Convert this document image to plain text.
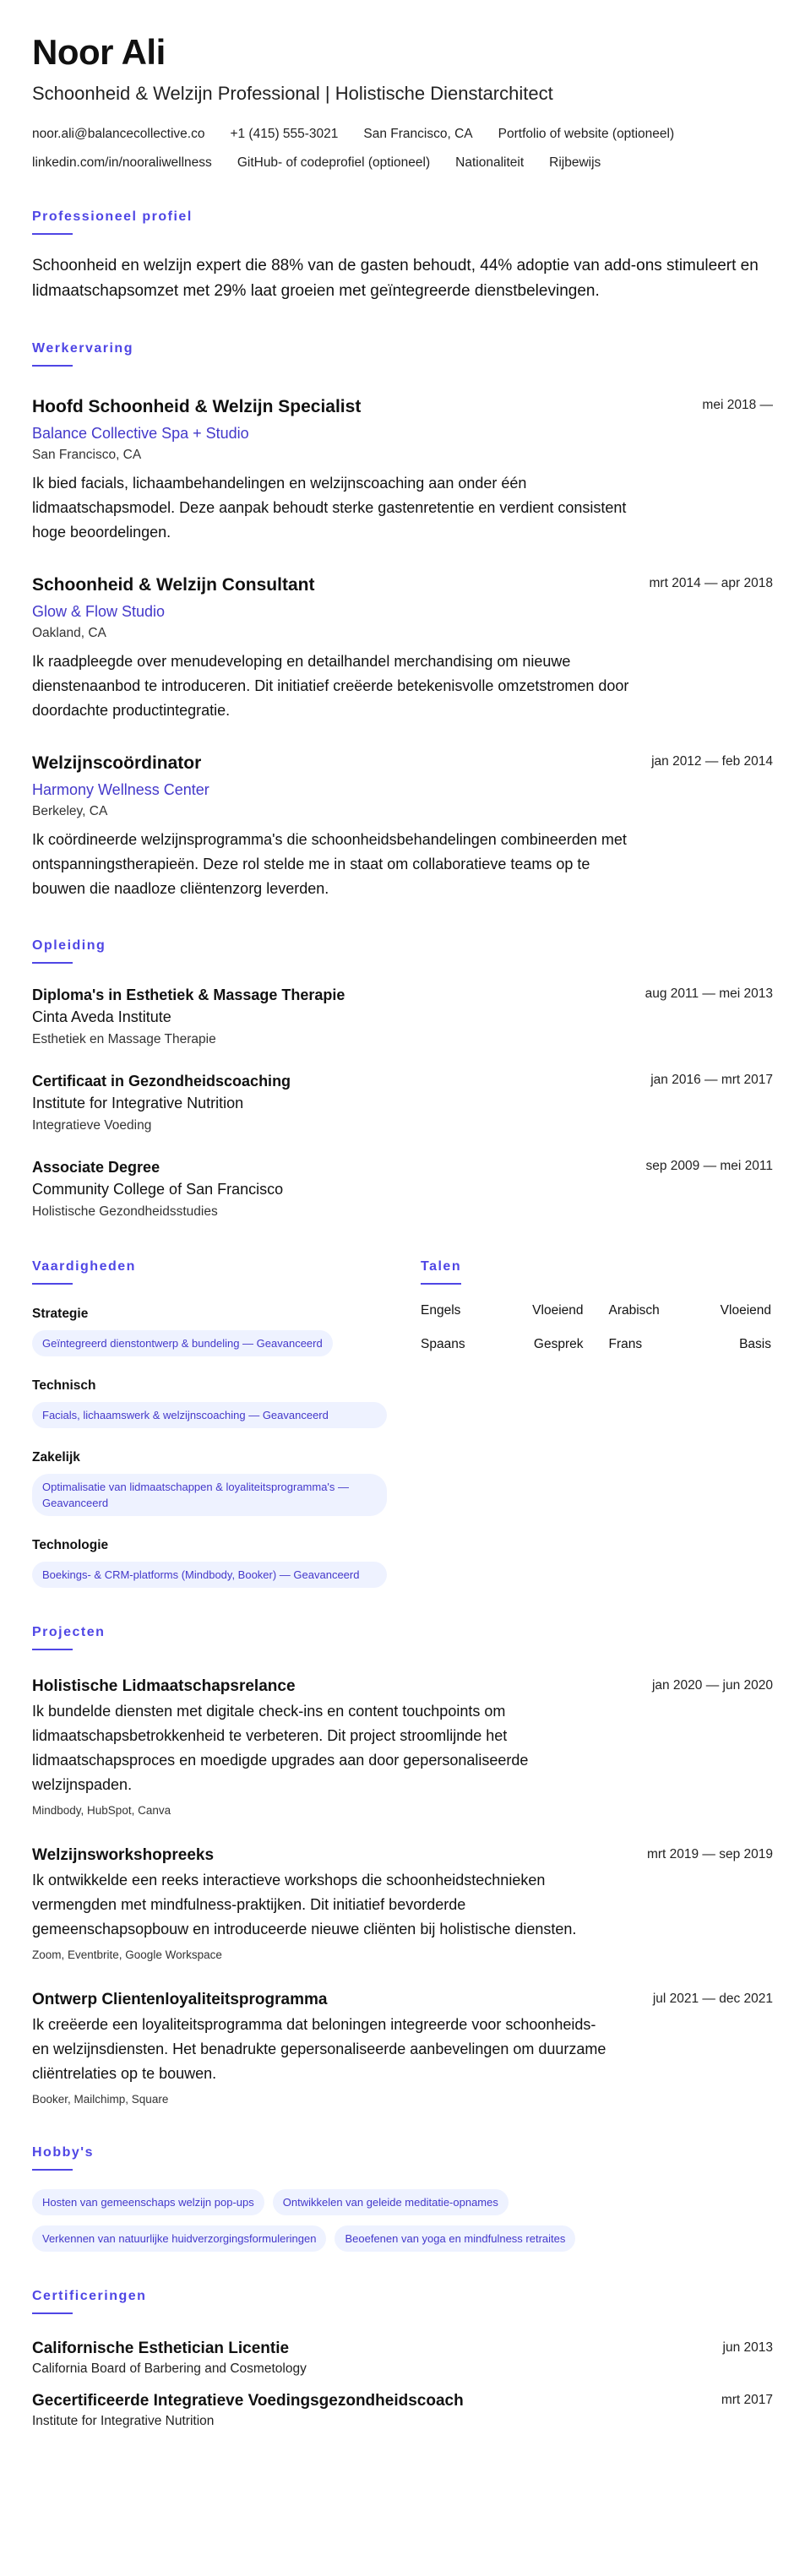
Noor Ali
Schoonheid & Welzijn Professional | Holistische Dienstarchitect
noor.ali@balancecollective.co +1 (415) 555-3021 San Francisco, CA Portfolio of website (optioneel)
linkedin.com/in/nooraliwellness GitHub- of codeprofiel (optioneel) Nationaliteit Rijbewijs
Professioneel profiel

Schoonheid en welzijn expert die 88% van de gasten behoudt, 44% adoptie van add-ons stimuleert en lidmaatschapsomzet met 29% laat groeien met geïntegreerde dienstbelevingen.

Werkervaring
Hoofd Schoonheid & Welzijn Specialist	mei 2018 —
Balance Collective Spa + Studio
San Francisco, CA

Ik bied facials, lichaambehandelingen en welzijnscoaching aan onder één lidmaatschapsmodel. Deze aanpak behoudt sterke gastenretentie en verdient consistent hoge beoordelingen.

Schoonheid & Welzijn Consultant	mrt 2014 — apr 2018
Glow & Flow Studio
Oakland, CA

Ik raadpleegde over menudeveloping en detailhandel merchandising om nieuwe dienstenaanbod te introduceren. Dit initiatief creëerde betekenisvolle omzetstromen door doordachte productintegratie.

Welzijnscoördinator	jan 2012 — feb 2014
Harmony Wellness Center
Berkeley, CA

Ik coördineerde welzijnsprogramma's die schoonheidsbehandelingen combineerden met ontspanningstherapieën. Deze rol stelde me in staat om collaboratieve teams op te bouwen die naadloze cliëntenzorg leverden.

Opleiding
Diploma's in Esthetiek & Massage Therapie	aug 2011 — mei 2013
Cinta Aveda Institute
Esthetiek en Massage Therapie
Certificaat in Gezondheidscoaching	jan 2016 — mrt 2017
Institute for Integrative Nutrition
Integratieve Voeding
Associate Degree	sep 2009 — mei 2011
Community College of San Francisco
Holistische Gezondheidsstudies
Vaardigheden
Strategie
Geïntegreerd dienstontwerp & bundeling — Geavanceerd
Technisch
Facials, lichaamswerk & welzijnscoaching — Geavanceerd
Zakelijk
Optimalisatie van lidmaatschappen & loyaliteitsprogramma's — Geavanceerd
Technologie
Boekings- & CRM-platforms (Mindbody, Booker) — Geavanceerd
Talen
Engels	Vloeiend Arabisch	Vloeiend
Spaans	Gesprek Frans	Basis
Projecten
Holistische Lidmaatschapsrelance	jan 2020 — jun 2020

Ik bundelde diensten met digitale check-ins en content touchpoints om lidmaatschapsbetrokkenheid te verbeteren. Dit project stroomlijnde het lidmaatschapsproces en moedigde upgrades aan door gepersonaliseerde welzijnspaden.

Mindbody, HubSpot, Canva
Welzijnsworkshopreeks	mrt 2019 — sep 2019

Ik ontwikkelde een reeks interactieve workshops die schoonheidstechnieken vermengden met mindfulness-praktijken. Dit initiatief bevorderde gemeenschapsopbouw en introduceerde nieuwe cliënten bij holistische diensten.

Zoom, Eventbrite, Google Workspace
Ontwerp Clientenloyaliteitsprogramma	jul 2021 — dec 2021

Ik creëerde een loyaliteitsprogramma dat beloningen integreerde voor schoonheids- en welzijnsdiensten. Het benadrukte gepersonaliseerde aanbevelingen om duurzame cliëntrelaties op te bouwen.

Booker, Mailchimp, Square
Hobby's
Hosten van gemeenschaps welzijn pop-ups	Ontwikkelen van geleide meditatie-opnames
Verkennen van natuurlijke huidverzorgingsformuleringen	Beoefenen van yoga en mindfulness retraites
Certificeringen
Californische Esthetician Licentie	jun 2013
California Board of Barbering and Cosmetology
Gecertificeerde Integratieve Voedingsgezondheidscoach	mrt 2017
Institute for Integrative Nutrition
